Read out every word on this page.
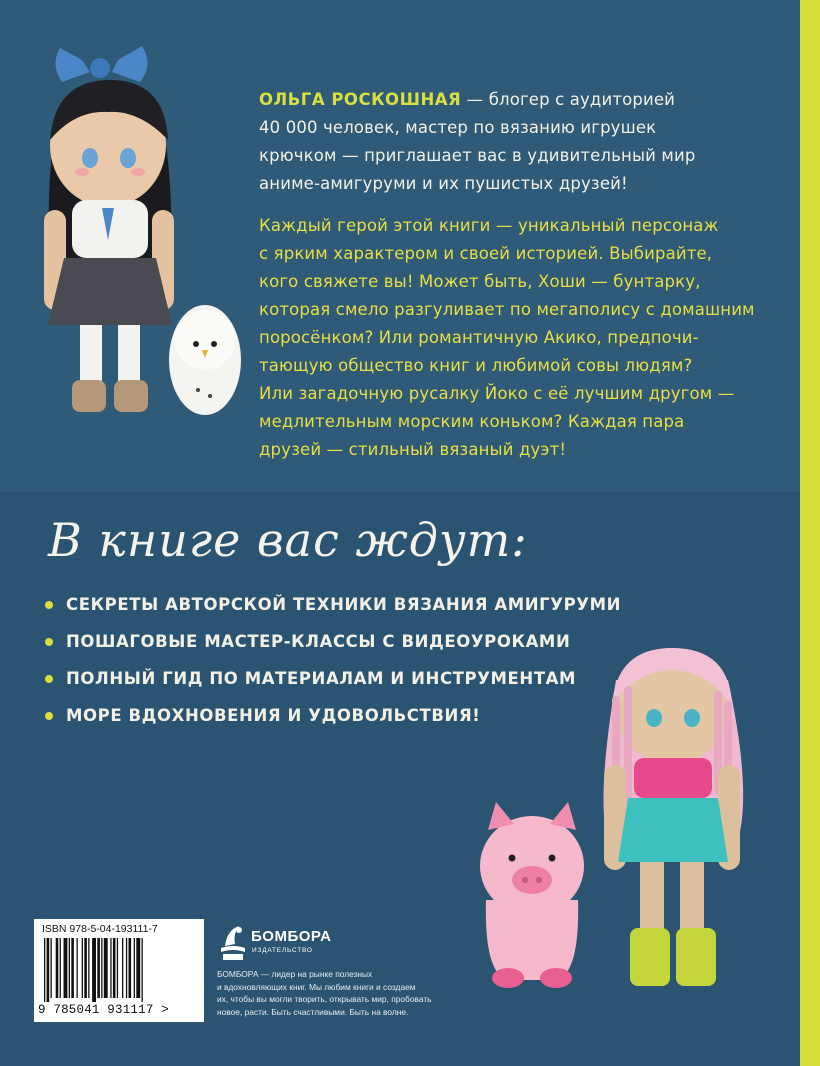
ОЛЬГА РОСКОШНАЯ — блогер с аудиторией
40 000 человек, мастер по вязанию игрушек
крючком — приглашает вас в удивительный мир
аниме-амигуруми и их пушистых друзей!
Каждый герой этой книги — уникальный персонаж
с ярким характером и своей историей. Выбирайте,
кого свяжете вы! Может быть, Хоши — бунтарку,
которая смело разгуливает по мегаполису с домашним
поросёнком? Или романтичную Акико, предпочи-
тающую общество книг и любимой совы людям?
Или загадочную русалку Йоко с её лучшим другом —
медлительным морским коньком? Каждая пара
друзей — стильный вязаный дуэт!
В книге вас ждут:
СЕКРЕТЫ АВТОРСКОЙ ТЕХНИКИ ВЯЗАНИЯ АМИГУРУМИ
ПОШАГОВЫЕ МАСТЕР-КЛАССЫ С ВИДЕОУРОКАМИ
ПОЛНЫЙ ГИД ПО МАТЕРИАЛАМ И ИНСТРУМЕНТАМ
МОРЕ ВДОХНОВЕНИЯ И УДОВОЛЬСТВИЯ!
ISBN 978-5-04-193111-7
9 785041 931117 >
БОМБОРА
ИЗДАТЕЛЬСТВО
БОМБОРА — лидер на рынке полезных
и вдохновляющих книг. Мы любим книги и создаем
их, чтобы вы могли творить, открывать мир, пробовать
новое, расти. Быть счастливыми. Быть на волне.
